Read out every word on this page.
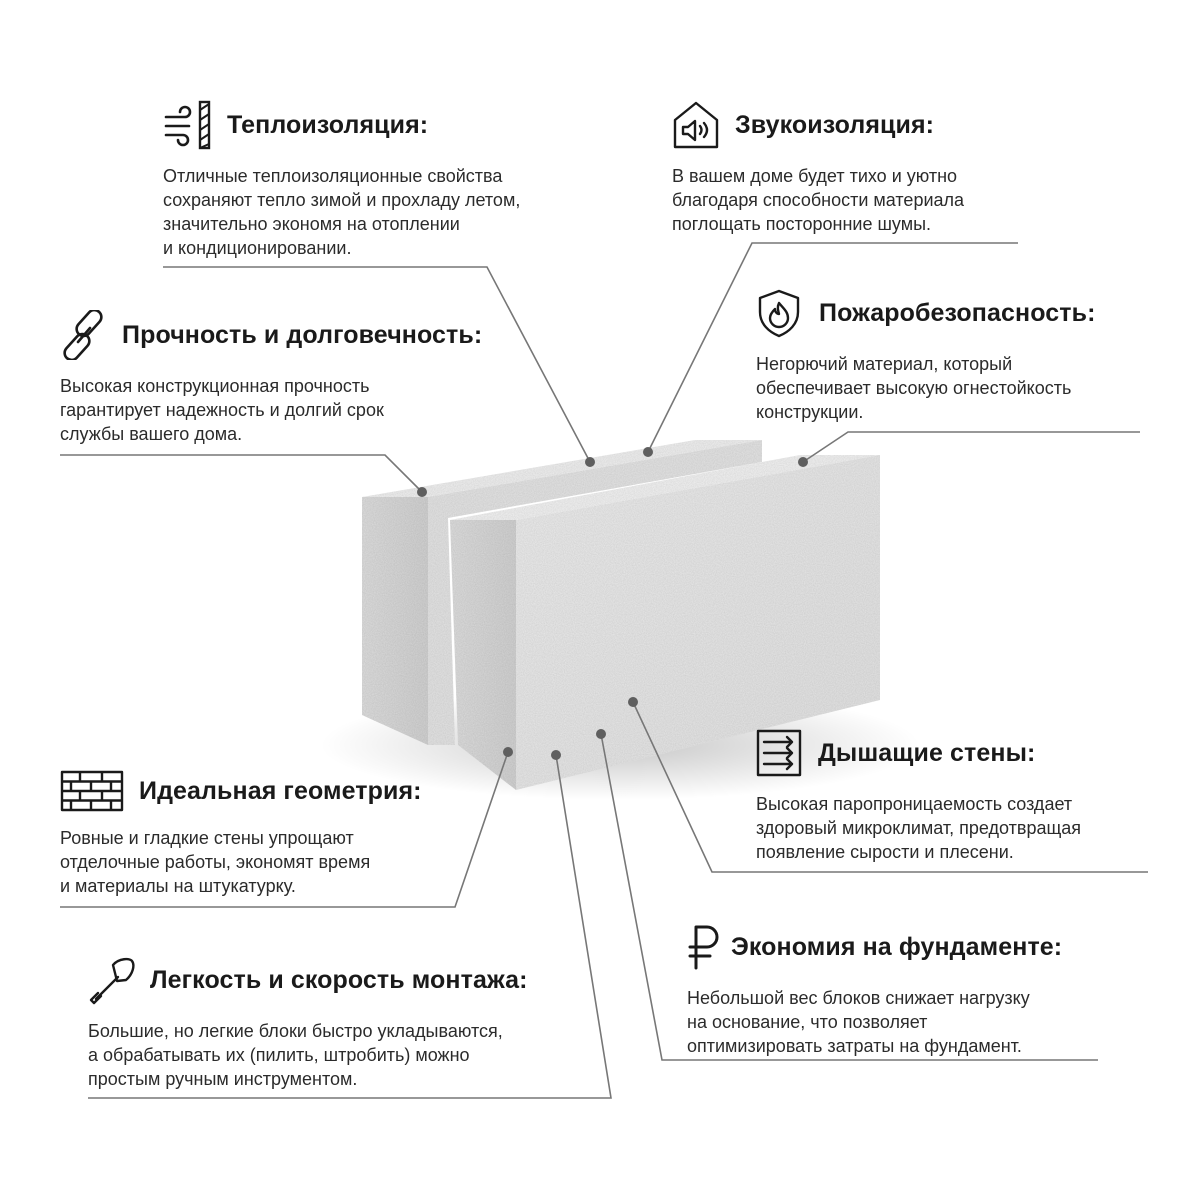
Теплоизоляция:
Отличные теплоизоляционные свойства
сохраняют тепло зимой и прохладу летом,
значительно экономя на отоплении
и кондиционировании.
Звукоизоляция:
В вашем доме будет тихо и уютно
благодаря способности материала
поглощать посторонние шумы.
Прочность и долговечность:
Высокая конструкционная прочность
гарантирует надежность и долгий срок
службы вашего дома.
Пожаробезопасность:
Негорючий материал, который
обеспечивает высокую огнестойкость
конструкции.
Дышащие стены:
Высокая паропроницаемость создает
здоровый микроклимат, предотвращая
появление сырости и плесени.
Идеальная геометрия:
Ровные и гладкие стены упрощают
отделочные работы, экономят время
и материалы на штукатурку.
Экономия на фундаменте:
Небольшой вес блоков снижает нагрузку
на основание, что позволяет
оптимизировать затраты на фундамент.
Легкость и скорость монтажа:
Большие, но легкие блоки быстро укладываются,
а обрабатывать их (пилить, штробить) можно
простым ручным инструментом.
